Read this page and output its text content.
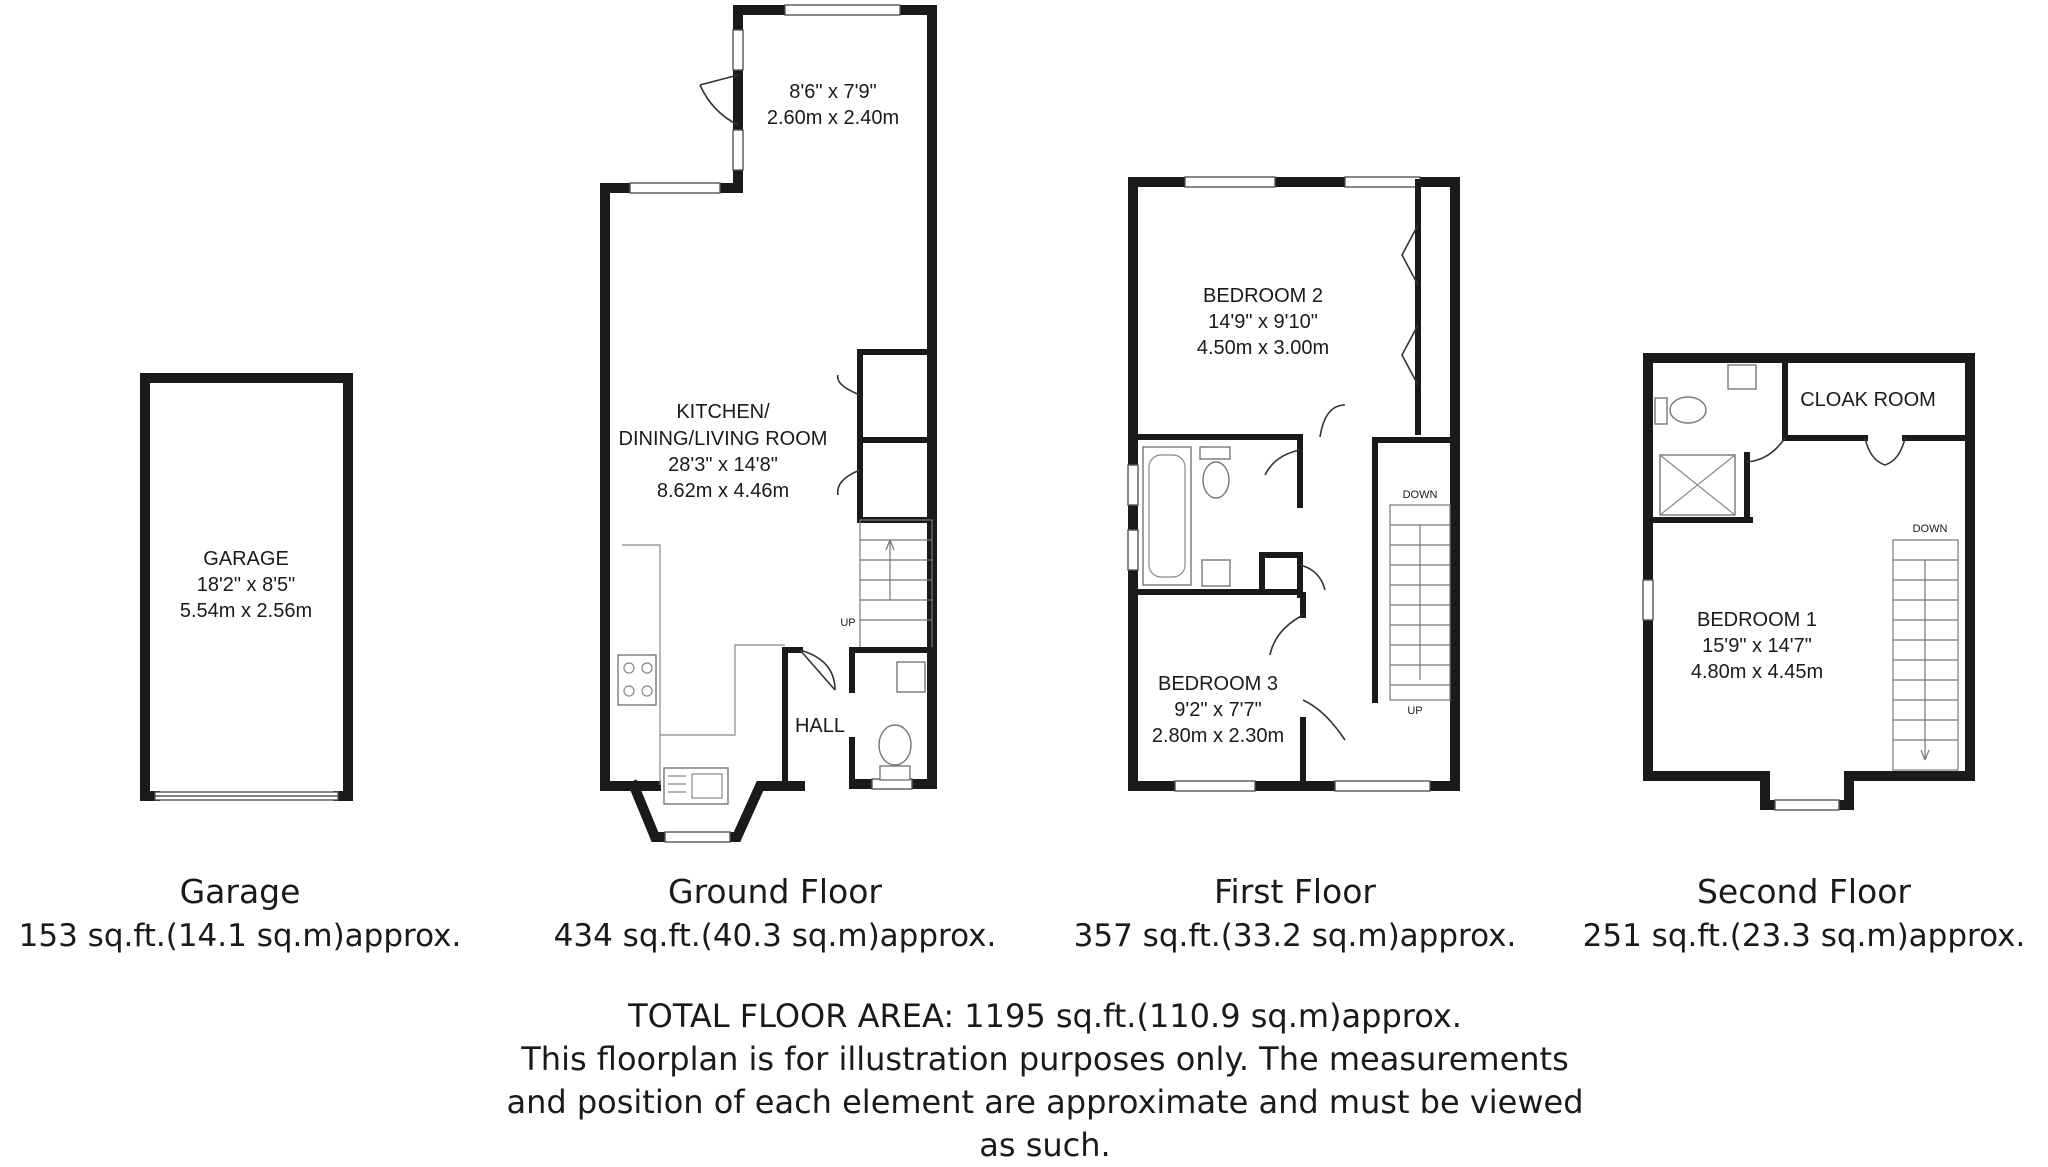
GARAGE
18'2" x 8'5"
5.54m x 2.56m
UP
8'6" x 7'9"
2.60m x 2.40m
KITCHEN/
DINING/LIVING ROOM
28'3" x 14'8"
8.62m x 4.46m
HALL
DOWN
UP
BEDROOM 2
14'9" x 9'10"
4.50m x 3.00m
BEDROOM 3
9'2" x 7'7"
2.80m x 2.30m
DOWN
CLOAK ROOM
BEDROOM 1
15'9" x 14'7"
4.80m x 4.45m
Garage
153 sq.ft.(14.1 sq.m)approx.
Ground Floor
434 sq.ft.(40.3 sq.m)approx.
First Floor
357 sq.ft.(33.2 sq.m)approx.
Second Floor
251 sq.ft.(23.3 sq.m)approx.
TOTAL FLOOR AREA: 1195 sq.ft.(110.9 sq.m)approx.
This floorplan is for illustration purposes only. The measurements
and position of each element are approximate and must be viewed
as such.
